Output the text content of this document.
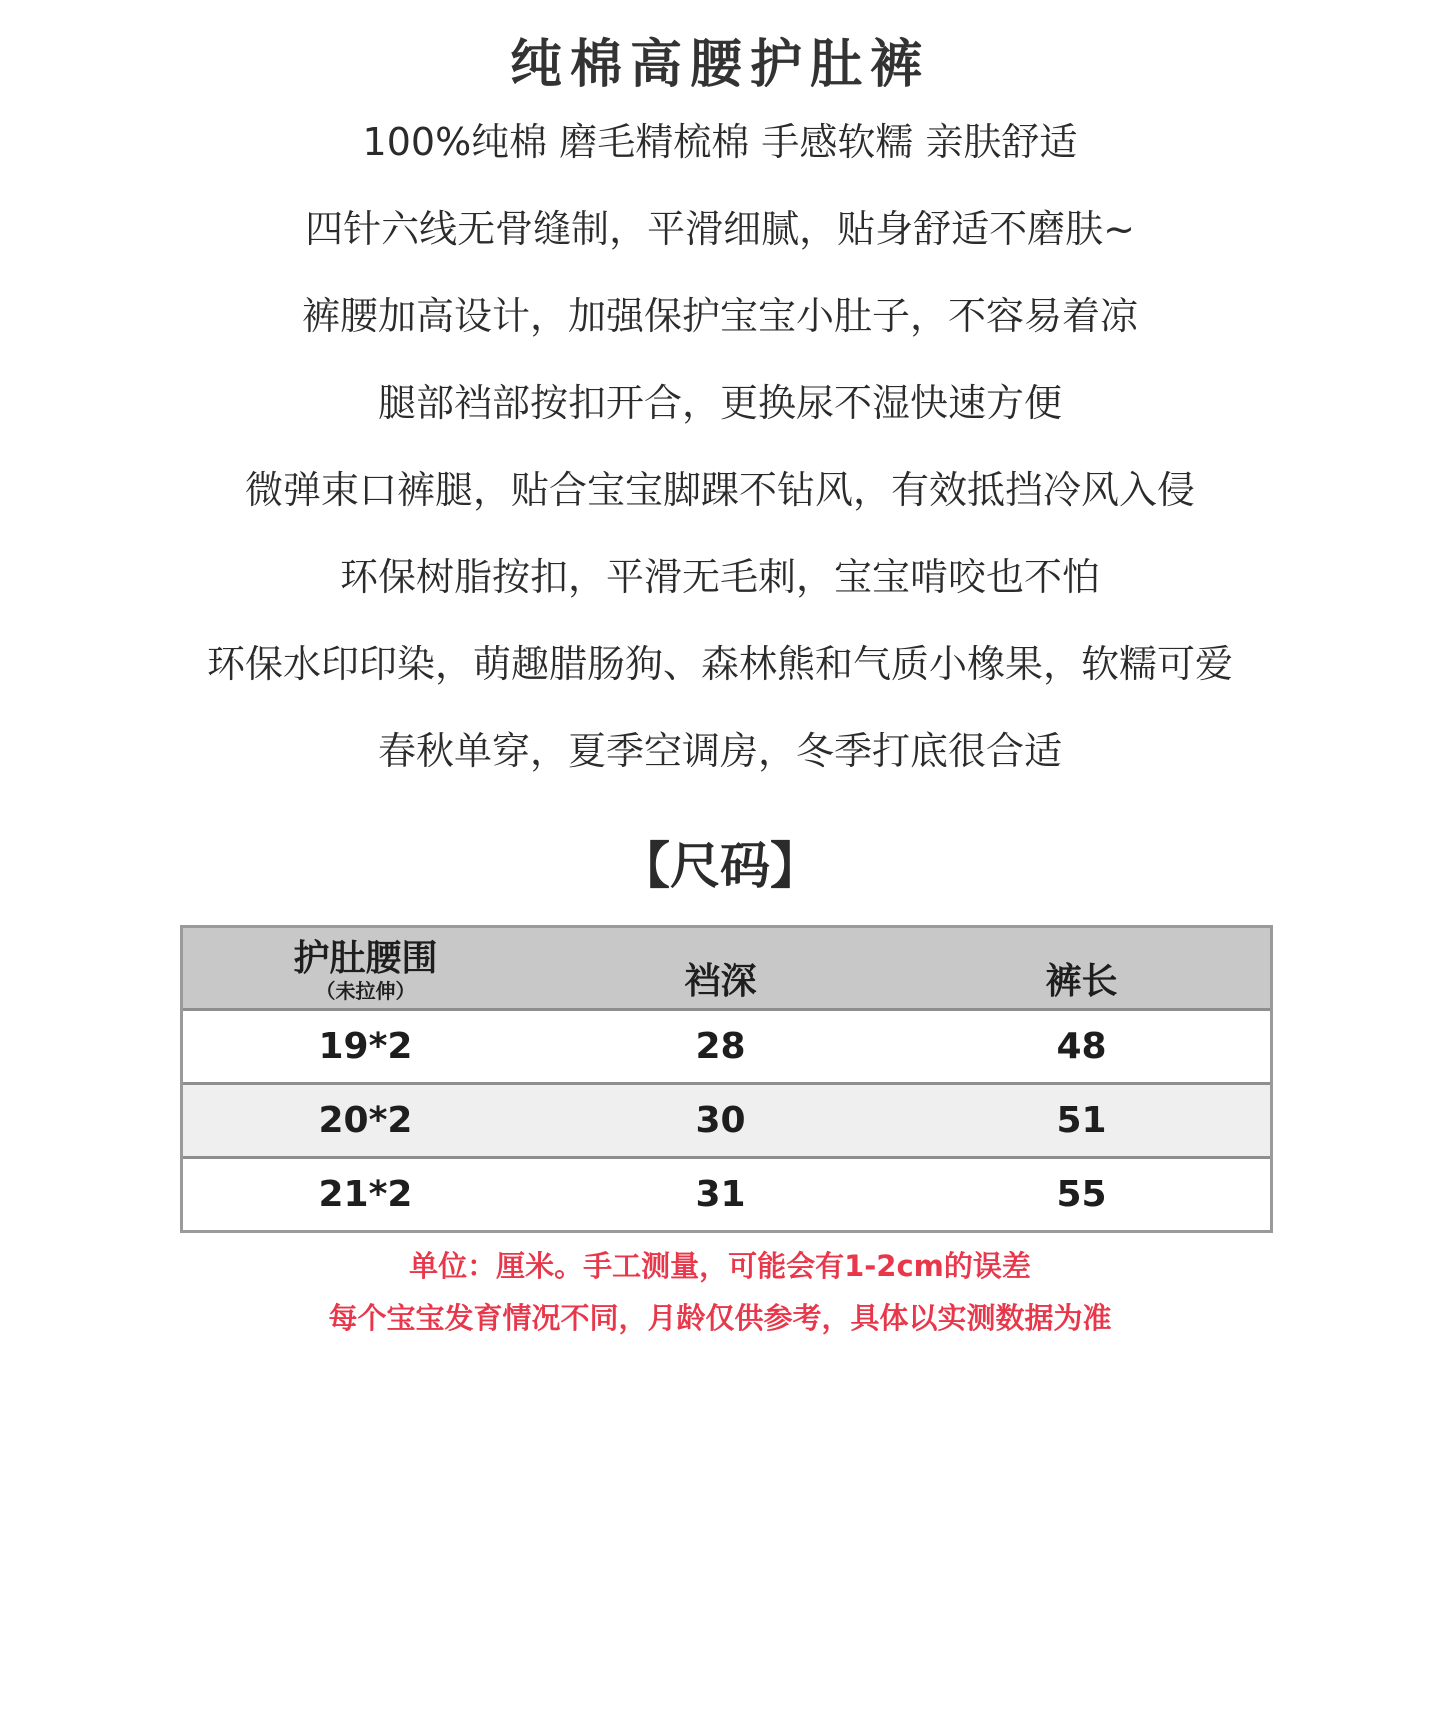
纯棉高腰护肚裤
100%纯棉 磨毛精梳棉 手感软糯 亲肤舒适
四针六线无骨缝制，平滑细腻，贴身舒适不磨肤~
裤腰加高设计，加强保护宝宝小肚子，不容易着凉
腿部裆部按扣开合，更换尿不湿快速方便
微弹束口裤腿，贴合宝宝脚踝不钻风，有效抵挡冷风入侵
环保树脂按扣，平滑无毛刺，宝宝啃咬也不怕
环保水印印染，萌趣腊肠狗、森林熊和气质小橡果，软糯可爱
春秋单穿，夏季空调房，冬季打底很合适
【尺码】
护肚腰围
（未拉伸）	裆深	裤长
19*2	28	48
20*2	30	51
21*2	31	55
单位：厘米。手工测量，可能会有1-2cm的误差
每个宝宝发育情况不同，月龄仅供参考，具体以实测数据为准
